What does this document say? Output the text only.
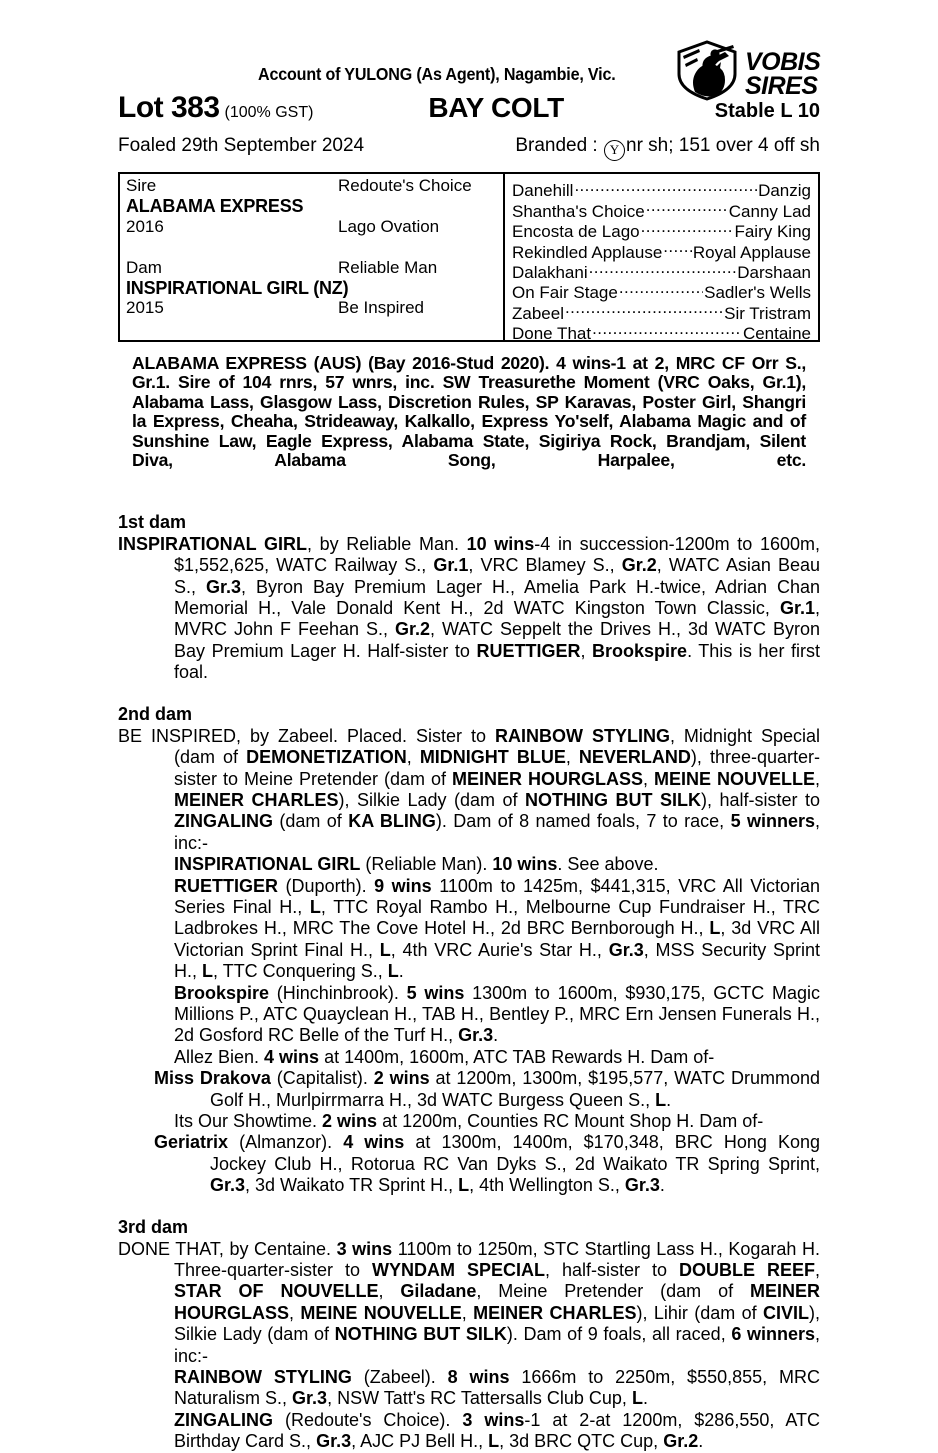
VOBIS
SIRES
Account of YULONG (As Agent), Nagambie, Vic.
Lot 383 (100% GST)	BAY COLT	Stable L 10
Foaled 29th September 2024	Branded : Y nr sh; 151 over 4 off sh
Sire	Redoute's Choice
ALABAMA EXPRESS
2016	Lago Ovation

Dam	Reliable Man
INSPIRATIONAL GIRL (NZ)
2015	Be Inspired
Danehill .....	Danzig
Shantha's Choice .....	Canny Lad
Encosta de Lago .....	Fairy King
Rekindled Applause ..... Royal Applause
Dalakhani .....	Darshaan
On Fair Stage .....	Sadler's Wells
Zabeel .....	Sir Tristram
Done That .....	Centaine
ALABAMA EXPRESS (AUS) (Bay 2016-Stud 2020). 4 wins-1 at 2, MRC CF Orr S., Gr.1. Sire of 104 rnrs, 57 wnrs, inc. SW Treasurethe Moment (VRC Oaks, Gr.1), Alabama Lass, Glasgow Lass, Discretion Rules, SP Karavas, Poster Girl, Shangri la Express, Cheaha, Strideaway, Kalkallo, Express Yo'self, Alabama Magic and of Sunshine Law, Eagle Express, Alabama State, Sigiriya Rock, Brandjam, Silent Diva, Alabama Song, Harpalee, etc.
1st dam

INSPIRATIONAL GIRL, by Reliable Man. 10 wins-4 in succession-1200m to 1600m, $1,552,625, WATC Railway S., Gr.1, VRC Blamey S., Gr.2, WATC Asian Beau S., Gr.3, Byron Bay Premium Lager H., Amelia Park H.-twice, Adrian Chan Memorial H., Vale Donald Kent H., 2d WATC Kingston Town Classic, Gr.1, MVRC John F Feehan S., Gr.2, WATC Seppelt the Drives H., 3d WATC Byron Bay Premium Lager H. Half-sister to RUETTIGER, Brookspire. This is her first foal.

2nd dam

BE INSPIRED, by Zabeel. Placed. Sister to RAINBOW STYLING, Midnight Special (dam of DEMONETIZATION, MIDNIGHT BLUE, NEVERLAND), three-quarter-sister to Meine Pretender (dam of MEINER HOURGLASS, MEINE NOUVELLE, MEINER CHARLES), Silkie Lady (dam of NOTHING BUT SILK), half-sister to ZINGALING (dam of KA BLING). Dam of 8 named foals, 7 to race, 5 winners, inc:-

INSPIRATIONAL GIRL (Reliable Man). 10 wins. See above.

RUETTIGER (Duporth). 9 wins 1100m to 1425m, $441,315, VRC All Victorian Series Final H., L, TTC Royal Rambo H., Melbourne Cup Fundraiser H., TRC Ladbrokes H., MRC The Cove Hotel H., 2d BRC Bernborough H., L, 3d VRC All Victorian Sprint Final H., L, 4th VRC Aurie's Star H., Gr.3, MSS Security Sprint H., L, TTC Conquering S., L.

Brookspire (Hinchinbrook). 5 wins 1300m to 1600m, $930,175, GCTC Magic Millions P., ATC Quayclean H., TAB H., Bentley P., MRC Ern Jensen Funerals H., 2d Gosford RC Belle of the Turf H., Gr.3.

Allez Bien. 4 wins at 1400m, 1600m, ATC TAB Rewards H. Dam of-

Miss Drakova (Capitalist). 2 wins at 1200m, 1300m, $195,577, WATC Drummond Golf H., Murlpirrmarra H., 3d WATC Burgess Queen S., L.

Its Our Showtime. 2 wins at 1200m, Counties RC Mount Shop H. Dam of-

Geriatrix (Almanzor). 4 wins at 1300m, 1400m, $170,348, BRC Hong Kong Jockey Club H., Rotorua RC Van Dyks S., 2d Waikato TR Spring Sprint, Gr.3, 3d Waikato TR Sprint H., L, 4th Wellington S., Gr.3.

3rd dam

DONE THAT, by Centaine. 3 wins 1100m to 1250m, STC Startling Lass H., Kogarah H. Three-quarter-sister to WYNDAM SPECIAL, half-sister to DOUBLE REEF, STAR OF NOUVELLE, Giladane, Meine Pretender (dam of MEINER HOURGLASS, MEINE NOUVELLE, MEINER CHARLES), Lihir (dam of CIVIL), Silkie Lady (dam of NOTHING BUT SILK). Dam of 9 foals, all raced, 6 winners, inc:-

RAINBOW STYLING (Zabeel). 8 wins 1666m to 2250m, $550,855, MRC Naturalism S., Gr.3, NSW Tatt's RC Tattersalls Club Cup, L.

ZINGALING (Redoute's Choice). 3 wins-1 at 2-at 1200m, $286,550, ATC Birthday Card S., Gr.3, AJC PJ Bell H., L, 3d BRC QTC Cup, Gr.2.
